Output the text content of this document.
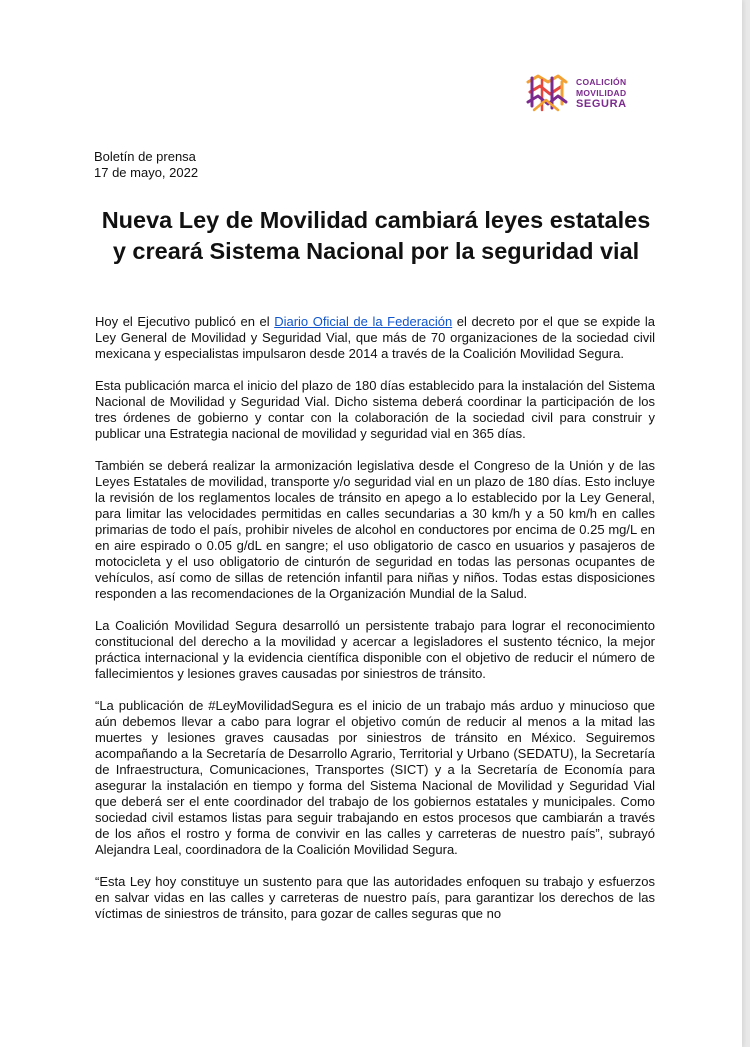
COALICIÓN
MOVILIDAD
SEGURA
Boletín de prensa
17 de mayo, 2022
Nueva Ley de Movilidad cambiará leyes estatales y creará Sistema Nacional por la seguridad vial

Hoy el Ejecutivo publicó en el Diario Oficial de la Federación el decreto por el que se expide la Ley General de Movilidad y Seguridad Vial, que más de 70 organizaciones de la sociedad civil mexicana y especialistas impulsaron desde 2014 a través de la Coalición Movilidad Segura.

Esta publicación marca el inicio del plazo de 180 días establecido para la instalación del Sistema Nacional de Movilidad y Seguridad Vial. Dicho sistema deberá coordinar la participación de los tres órdenes de gobierno y contar con la colaboración de la sociedad civil para construir y publicar una Estrategia nacional de movilidad y seguridad vial en 365 días.

También se deberá realizar la armonización legislativa desde el Congreso de la Unión y de las Leyes Estatales de movilidad, transporte y/o seguridad vial en un plazo de 180 días. Esto incluye la revisión de los reglamentos locales de tránsito en apego a lo establecido por la Ley General, para limitar las velocidades permitidas en calles secundarias a 30 km/h y a 50 km/h en calles primarias de todo el país, prohibir niveles de alcohol en conductores por encima de 0.25 mg/L en en aire espirado o 0.05 g/dL en sangre; el uso obligatorio de casco en usuarios y pasajeros de motocicleta y el uso obligatorio de cinturón de seguridad en todas las personas ocupantes de vehículos, así como de sillas de retención infantil para niñas y niños. Todas estas disposiciones responden a las recomendaciones de la Organización Mundial de la Salud.

La Coalición Movilidad Segura desarrolló un persistente trabajo para lograr el reconocimiento constitucional del derecho a la movilidad y acercar a legisladores el sustento técnico, la mejor práctica internacional y la evidencia científica disponible con el objetivo de reducir el número de fallecimientos y lesiones graves causadas por siniestros de tránsito.

“La publicación de #LeyMovilidadSegura es el inicio de un trabajo más arduo y minucioso que aún debemos llevar a cabo para lograr el objetivo común de reducir al menos a la mitad las muertes y lesiones graves causadas por siniestros de tránsito en México. Seguiremos acompañando a la Secretaría de Desarrollo Agrario, Territorial y Urbano (SEDATU), la Secretaría de Infraestructura, Comunicaciones, Transportes (SICT) y a la Secretaría de Economía para asegurar la instalación en tiempo y forma del Sistema Nacional de Movilidad y Seguridad Vial que deberá ser el ente coordinador del trabajo de los gobiernos estatales y municipales. Como sociedad civil estamos listas para seguir trabajando en estos procesos que cambiarán a través de los años el rostro y forma de convivir en las calles y carreteras de nuestro país”, subrayó Alejandra Leal, coordinadora de la Coalición Movilidad Segura.

“Esta Ley hoy constituye un sustento para que las autoridades enfoquen su trabajo y esfuerzos en salvar vidas en las calles y carreteras de nuestro país, para garantizar los derechos de las víctimas de siniestros de tránsito, para gozar de calles seguras que no
